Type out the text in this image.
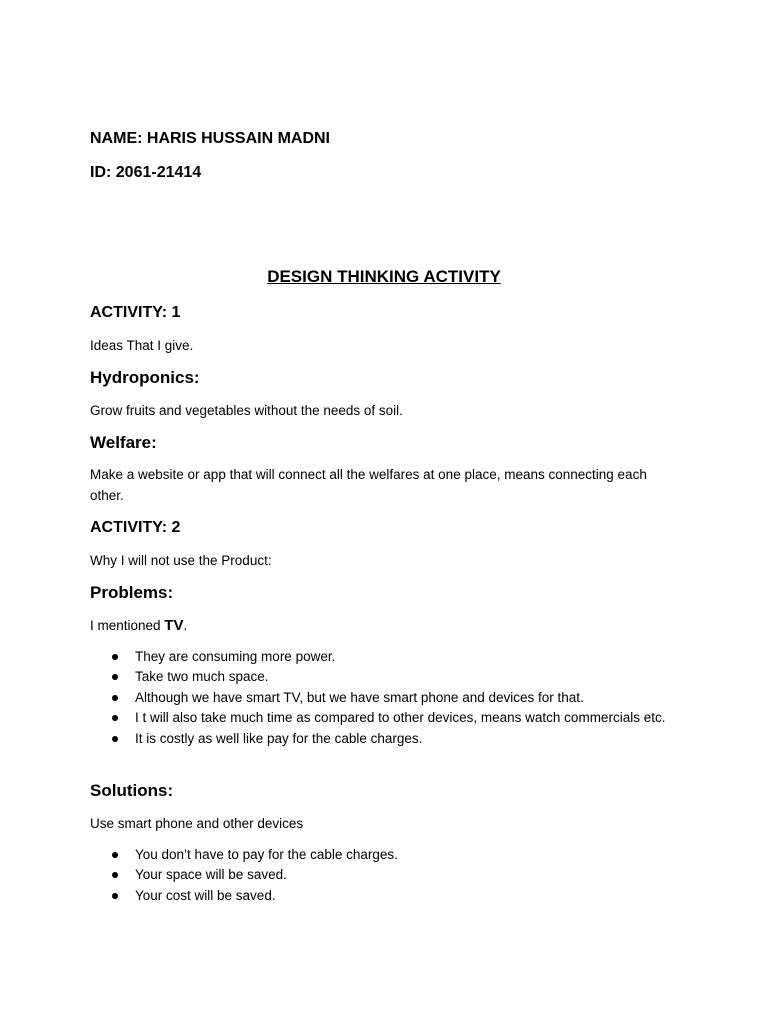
NAME: HARIS HUSSAIN MADNI

ID: 2061-21414

DESIGN THINKING ACTIVITY

ACTIVITY: 1

Ideas That I give.

Hydroponics:

Grow fruits and vegetables without the needs of soil.

Welfare:

Make a website or app that will connect all the welfares at one place, means connecting each other.

ACTIVITY: 2

Why I will not use the Product:

Problems:

I mentioned TV.

They are consuming more power.
Take two much space.
Although we have smart TV, but we have smart phone and devices for that.
I t will also take much time as compared to other devices, means watch commercials etc.
It is costly as well like pay for the cable charges.

Solutions:

Use smart phone and other devices

You don’t have to pay for the cable charges.
Your space will be saved.
Your cost will be saved.
